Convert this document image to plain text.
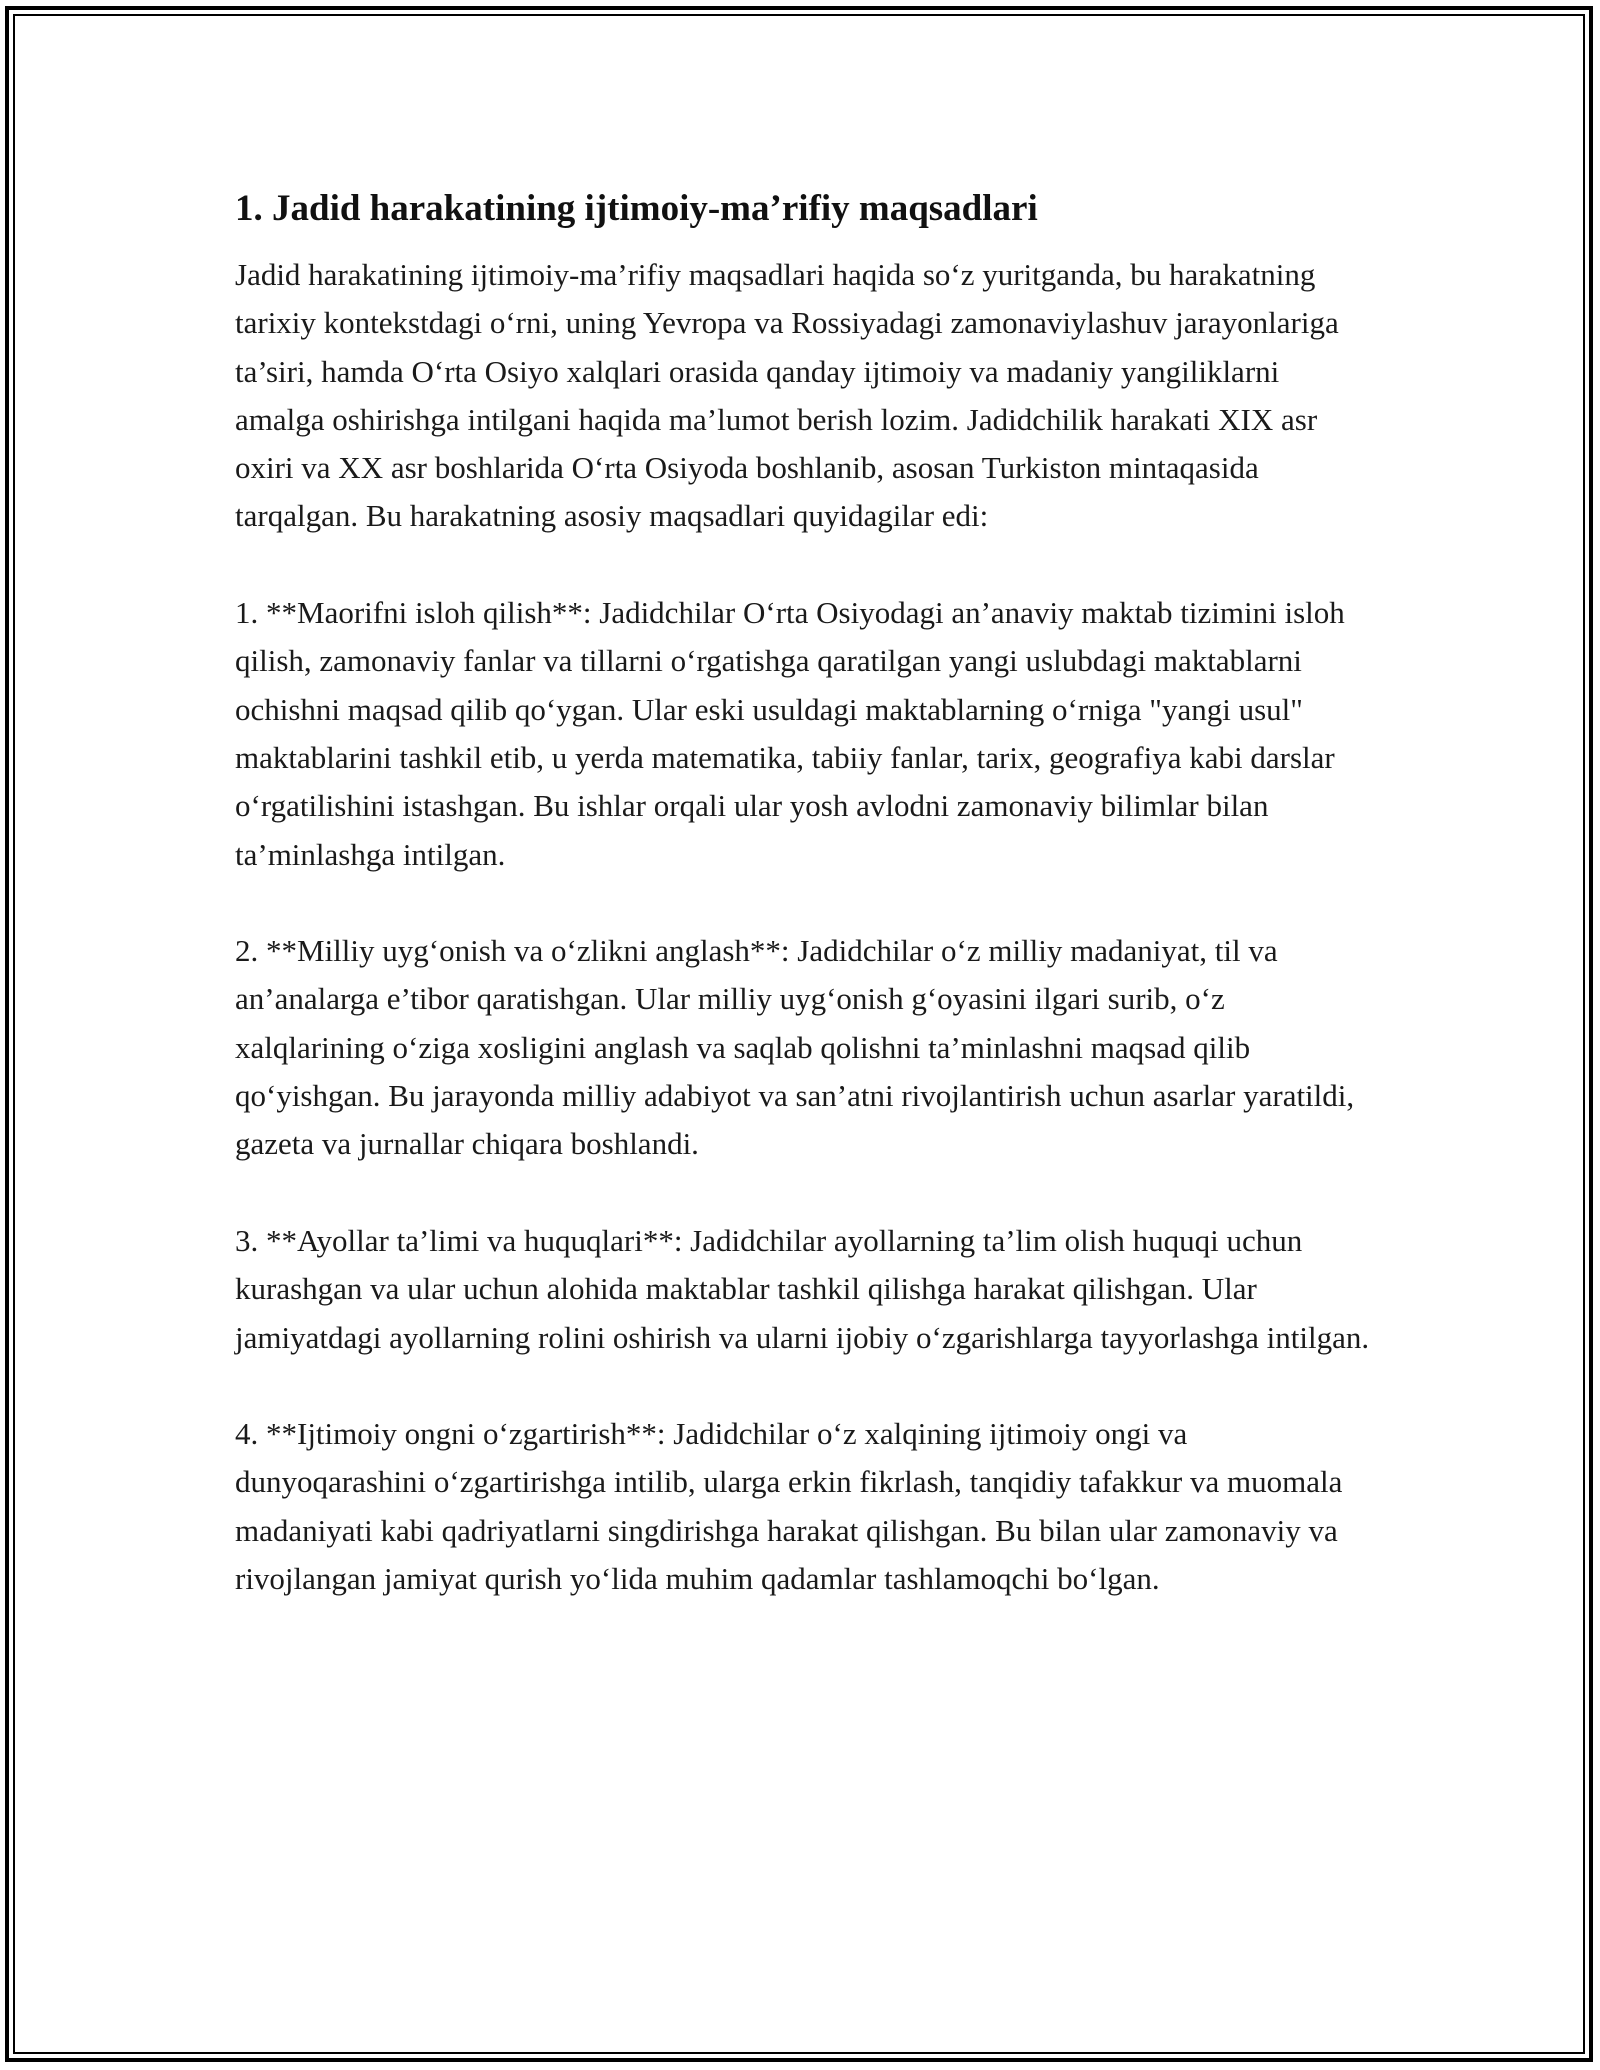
1. Jadid harakatining ijtimoiy-ma’rifiy maqsadlari

Jadid harakatining ijtimoiy-ma’rifiy maqsadlari haqida so‘z yuritganda, bu harakatning tarixiy kontekstdagi o‘rni, uning Yevropa va Rossiyadagi zamonaviylashuv jarayonlariga ta’siri, hamda O‘rta Osiyo xalqlari orasida qanday ijtimoiy va madaniy yangiliklarni amalga oshirishga intilgani haqida ma’lumot berish lozim. Jadidchilik harakati XIX asr oxiri va XX asr boshlarida O‘rta Osiyoda boshlanib, asosan Turkiston mintaqasida tarqalgan. Bu harakatning asosiy maqsadlari quyidagilar edi:

1. **Maorifni isloh qilish**: Jadidchilar O‘rta Osiyodagi an’anaviy maktab tizimini isloh qilish, zamonaviy fanlar va tillarni o‘rgatishga qaratilgan yangi uslubdagi maktablarni ochishni maqsad qilib qo‘ygan. Ular eski usuldagi maktablarning o‘rniga "yangi usul" maktablarini tashkil etib, u yerda matematika, tabiiy fanlar, tarix, geografiya kabi darslar o‘rgatilishini istashgan. Bu ishlar orqali ular yosh avlodni zamonaviy bilimlar bilan ta’minlashga intilgan.

2. **Milliy uyg‘onish va o‘zlikni anglash**: Jadidchilar o‘z milliy madaniyat, til va an’analarga e’tibor qaratishgan. Ular milliy uyg‘onish g‘oyasini ilgari surib, o‘z xalqlarining o‘ziga xosligini anglash va saqlab qolishni ta’minlashni maqsad qilib qo‘yishgan. Bu jarayonda milliy adabiyot va san’atni rivojlantirish uchun asarlar yaratildi, gazeta va jurnallar chiqara boshlandi.

3. **Ayollar ta’limi va huquqlari**: Jadidchilar ayollarning ta’lim olish huquqi uchun kurashgan va ular uchun alohida maktablar tashkil qilishga harakat qilishgan. Ular jamiyatdagi ayollarning rolini oshirish va ularni ijobiy o‘zgarishlarga tayyorlashga intilgan.

4. **Ijtimoiy ongni o‘zgartirish**: Jadidchilar o‘z xalqining ijtimoiy ongi va dunyoqarashini o‘zgartirishga intilib, ularga erkin fikrlash, tanqidiy tafakkur va muomala madaniyati kabi qadriyatlarni singdirishga harakat qilishgan. Bu bilan ular zamonaviy va rivojlangan jamiyat qurish yo‘lida muhim qadamlar tashlamoqchi bo‘lgan.
